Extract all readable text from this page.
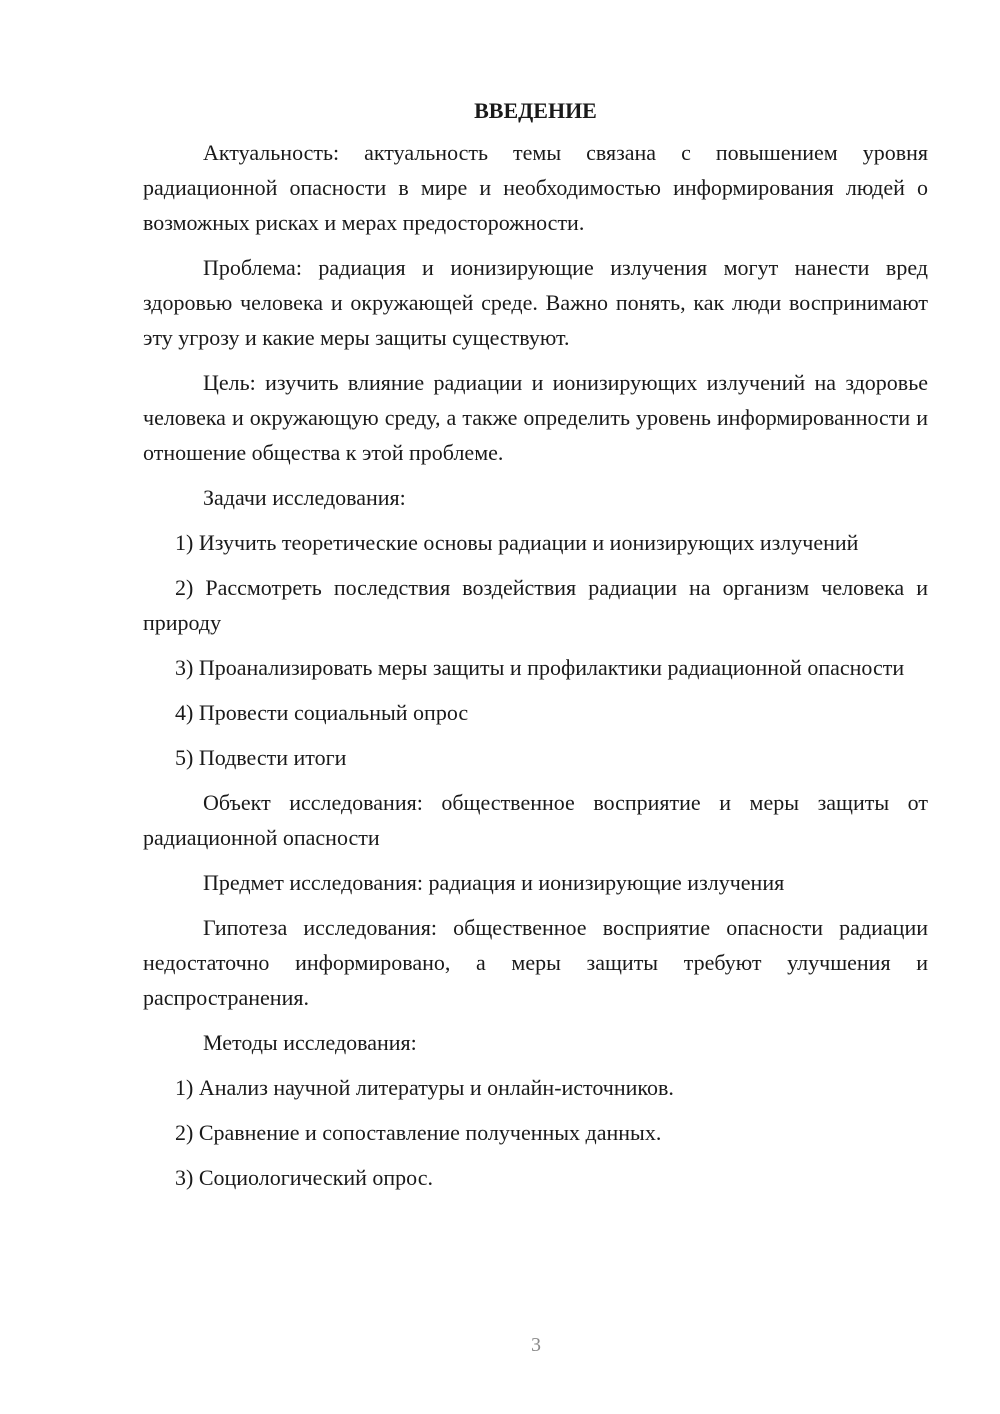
ВВЕДЕНИЕ

Актуальность: актуальность темы связана с повышением уровня радиационной опасности в мире и необходимостью информирования людей о возможных рисках и мерах предосторожности.

Проблема: радиация и ионизирующие излучения могут нанести вред здоровью человека и окружающей среде. Важно понять, как люди воспринимают эту угрозу и какие меры защиты существуют.

Цель: изучить влияние радиации и ионизирующих излучений на здоровье человека и окружающую среду, а также определить уровень информированности и отношение общества к этой проблеме.

Задачи исследования:

1) Изучить теоретические основы радиации и ионизирующих излучений

2) Рассмотреть последствия воздействия радиации на организм человека и природу

3) Проанализировать меры защиты и профилактики радиационной опасности

4) Провести социальный опрос

5) Подвести итоги

Объект исследования: общественное восприятие и меры защиты от радиационной опасности

Предмет исследования: радиация и ионизирующие излучения

Гипотеза исследования: общественное восприятие опасности радиации недостаточно информировано, а меры защиты требуют улучшения и распространения.

Методы исследования:

1) Анализ научной литературы и онлайн-источников.

2) Сравнение и сопоставление полученных данных.

3) Социологический опрос.

3
